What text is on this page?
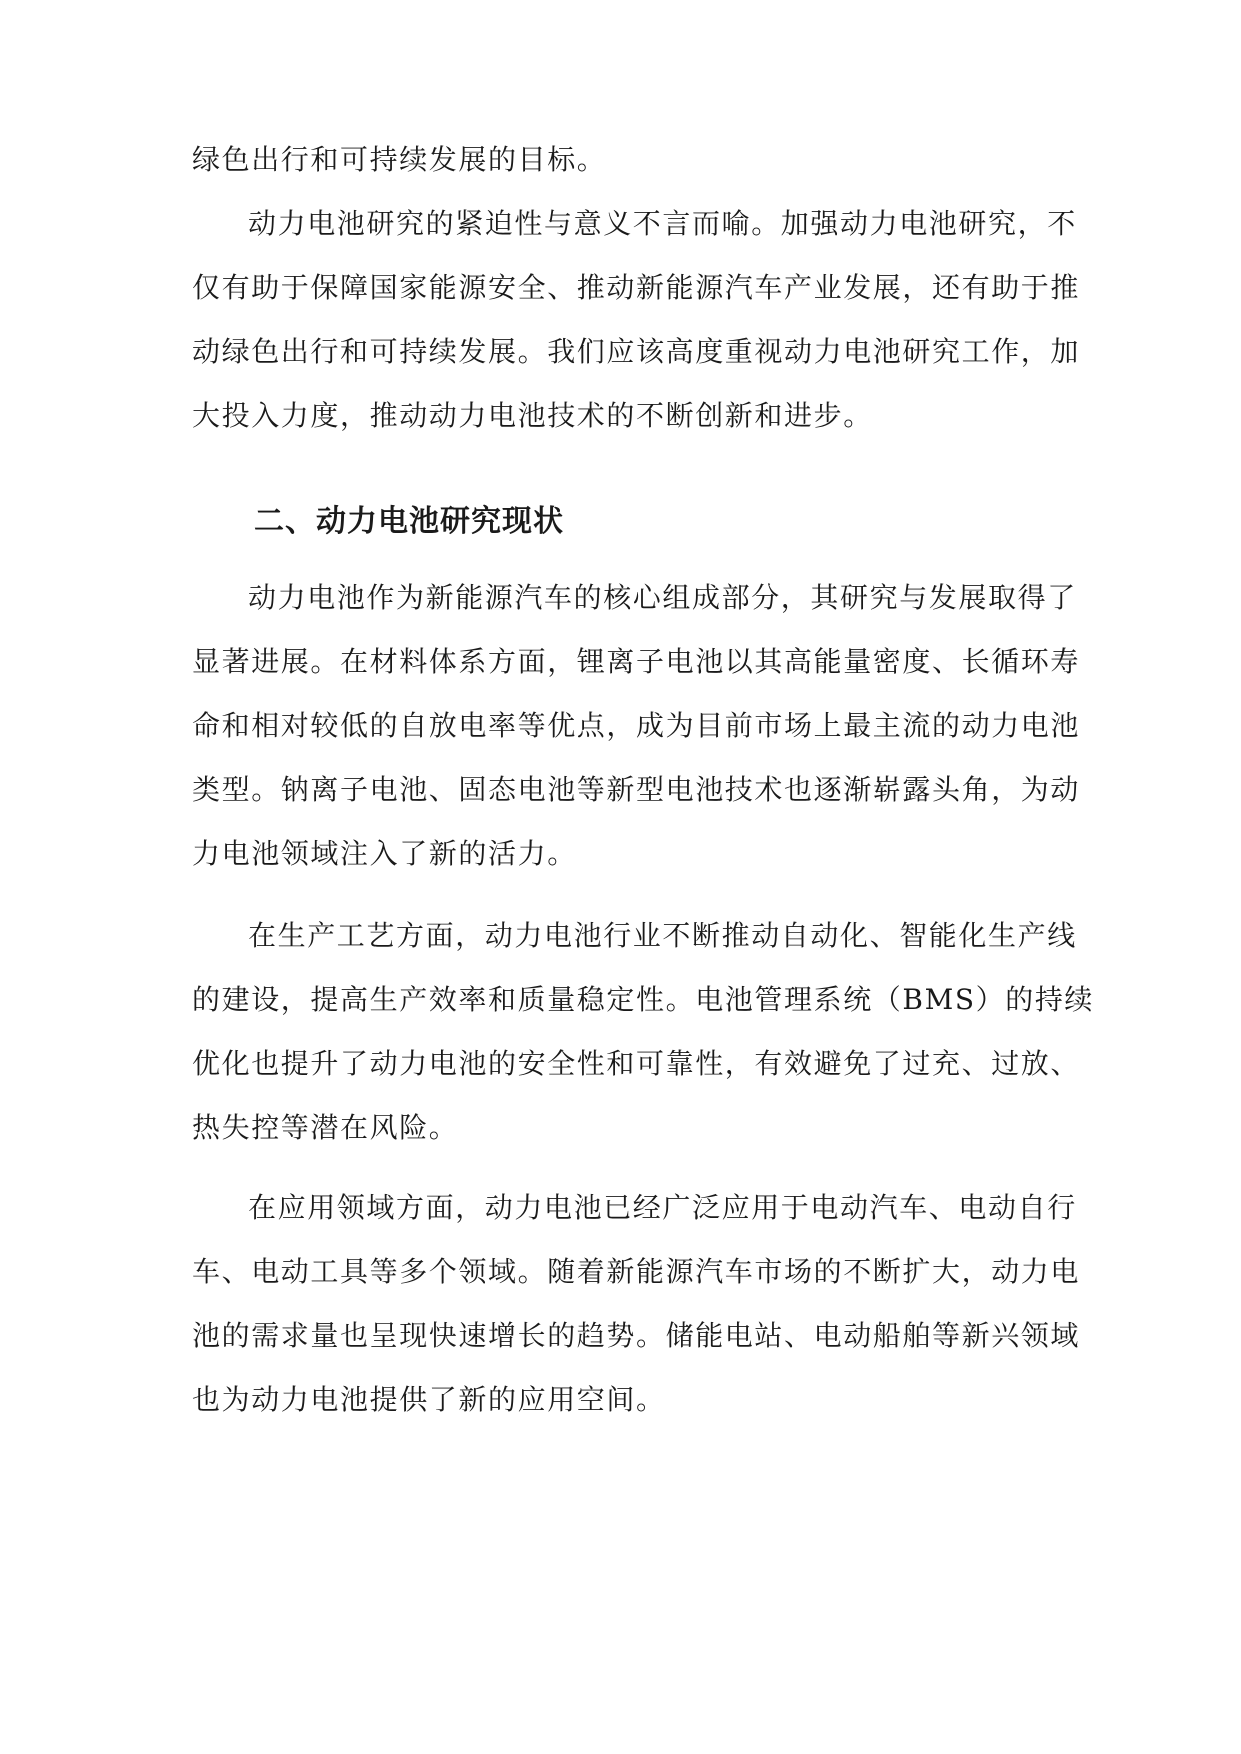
绿色出行和可持续发展的目标。
动力电池研究的紧迫性与意义不言而喻。加强动力电池研究，不
仅有助于保障国家能源安全、推动新能源汽车产业发展，还有助于推
动绿色出行和可持续发展。我们应该高度重视动力电池研究工作，加
大投入力度，推动动力电池技术的不断创新和进步。
二、动力电池研究现状
动力电池作为新能源汽车的核心组成部分，其研究与发展取得了
显著进展。在材料体系方面，锂离子电池以其高能量密度、长循环寿
命和相对较低的自放电率等优点，成为目前市场上最主流的动力电池
类型。钠离子电池、固态电池等新型电池技术也逐渐崭露头角，为动
力电池领域注入了新的活力。
在生产工艺方面，动力电池行业不断推动自动化、智能化生产线
的建设，提高生产效率和质量稳定性。电池管理系统（BMS）的持续
优化也提升了动力电池的安全性和可靠性，有效避免了过充、过放、
热失控等潜在风险。
在应用领域方面，动力电池已经广泛应用于电动汽车、电动自行
车、电动工具等多个领域。随着新能源汽车市场的不断扩大，动力电
池的需求量也呈现快速增长的趋势。储能电站、电动船舶等新兴领域
也为动力电池提供了新的应用空间。
